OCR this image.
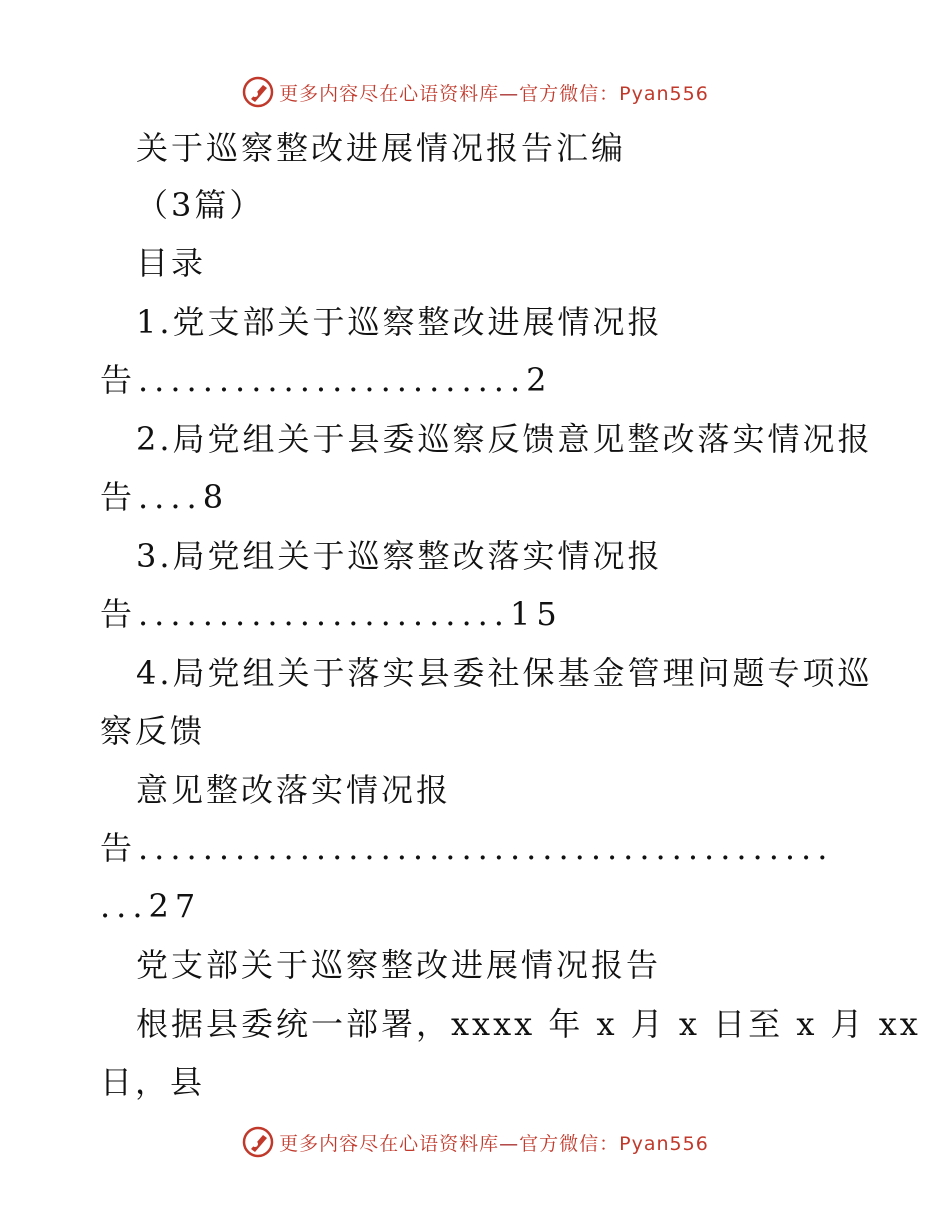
更多内容尽在心语资料库—官方微信：Pyan556
关于巡察整改进展情况报告汇编
（3篇）
目录
1.党支部关于巡察整改进展情况报
告........................2
2.局党组关于县委巡察反馈意见整改落实情况报
告....8
3.局党组关于巡察整改落实情况报
告.......................15
4.局党组关于落实县委社保基金管理问题专项巡
察反馈
意见整改落实情况报
告...........................................
...27
党支部关于巡察整改进展情况报告
根据县委统一部署，xxxx 年 x 月 x 日至 x 月 xx
日，县
更多内容尽在心语资料库—官方微信：Pyan556
